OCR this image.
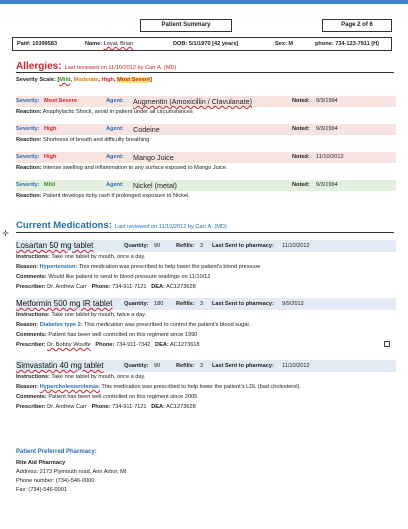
Patient Summary	Page 2 of 6
Pat#: 10399583	Name: Loyal, Brian	DOB: 5/1/1970 [42 years]	Sex: M	phone: 734-123-7911 (H)
Allergies: Last reviewed on 11/10/2012 by Carr A. (MD)
Severity Scale: [Mild, Moderate, High, Most Severe]
Severity: Most Severe	Agent: Augmentin (Amoxicillin / Clavulanate)	Noted: 9/3/1994
Reaction: Anaphylactic Shock, avoid in patient under all circumstances
Severity: High	Agent: Codeine	Noted: 9/3/1994
Reaction: Shortness of breath and difficulty breathing
Severity: High	Agent: Mango Juice	Noted: 11/10/2012
Reaction: Intense swelling and inflammation to any surface exposed to Mango Juice.
Severity: Mild	Agent: Nickel (metal)	Noted: 9/3/1994
Reaction: Patient develops itchy rash if prolonged exposure to Nickel.
✛
Current Medications: Last reviewed on 11/10/2012 by Carr A. (MD)
Losartan 50 mg tablet	Quantity: 90	Refills: 3 Last Sent to pharmacy: 11/10/2012
Instructions: Take one tablet by mouth, once a day.
Reason: Hypertension: This medication was prescribed to help lower the patient's blood pressure
Comments: Would like patient to send in blood pressure readings on 11/10/12
Prescriber: Dr. Andrew Carr Phone: 734-911-7121 DEA: AC1273628
Metformin 500 mg IR tablet Quantity: 180 Refills: 3 Last Sent to pharmacy: 9/9/2012
Instructions: Take one tablet by mouth, twice a day.
Reason: Diabetes type 2: This medication was prescribed to control the patient's blood sugar.
Comments: Patient has been well controlled on this regiment since 1990
Prescriber: Dr. Bobby Wouffe Phone: 734-911-7342 DEA: AC1273618
Simvastatin 40 mg tablet	Quantity: 90	Refills: 3 Last Sent to pharmacy: 11/10/2012
Instructions: Take one tablet by mouth, once a day.
Reason: Hypercholesterolemia: This medication was prescribed to help lower the patient's LDL (bad cholesterol).
Comments: Patient has been well controlled on this regiment since 2005
Prescriber: Dr. Andrew Carr Phone: 734-911-7121 DEA: AC1273628
Patient Preferred Pharmacy:
Rite Aid Pharmacy
Address: 2173 Plymouth road, Ann Arbor, MI
Phone number: (734)-546-0000
Fax: (734)-546-0001
